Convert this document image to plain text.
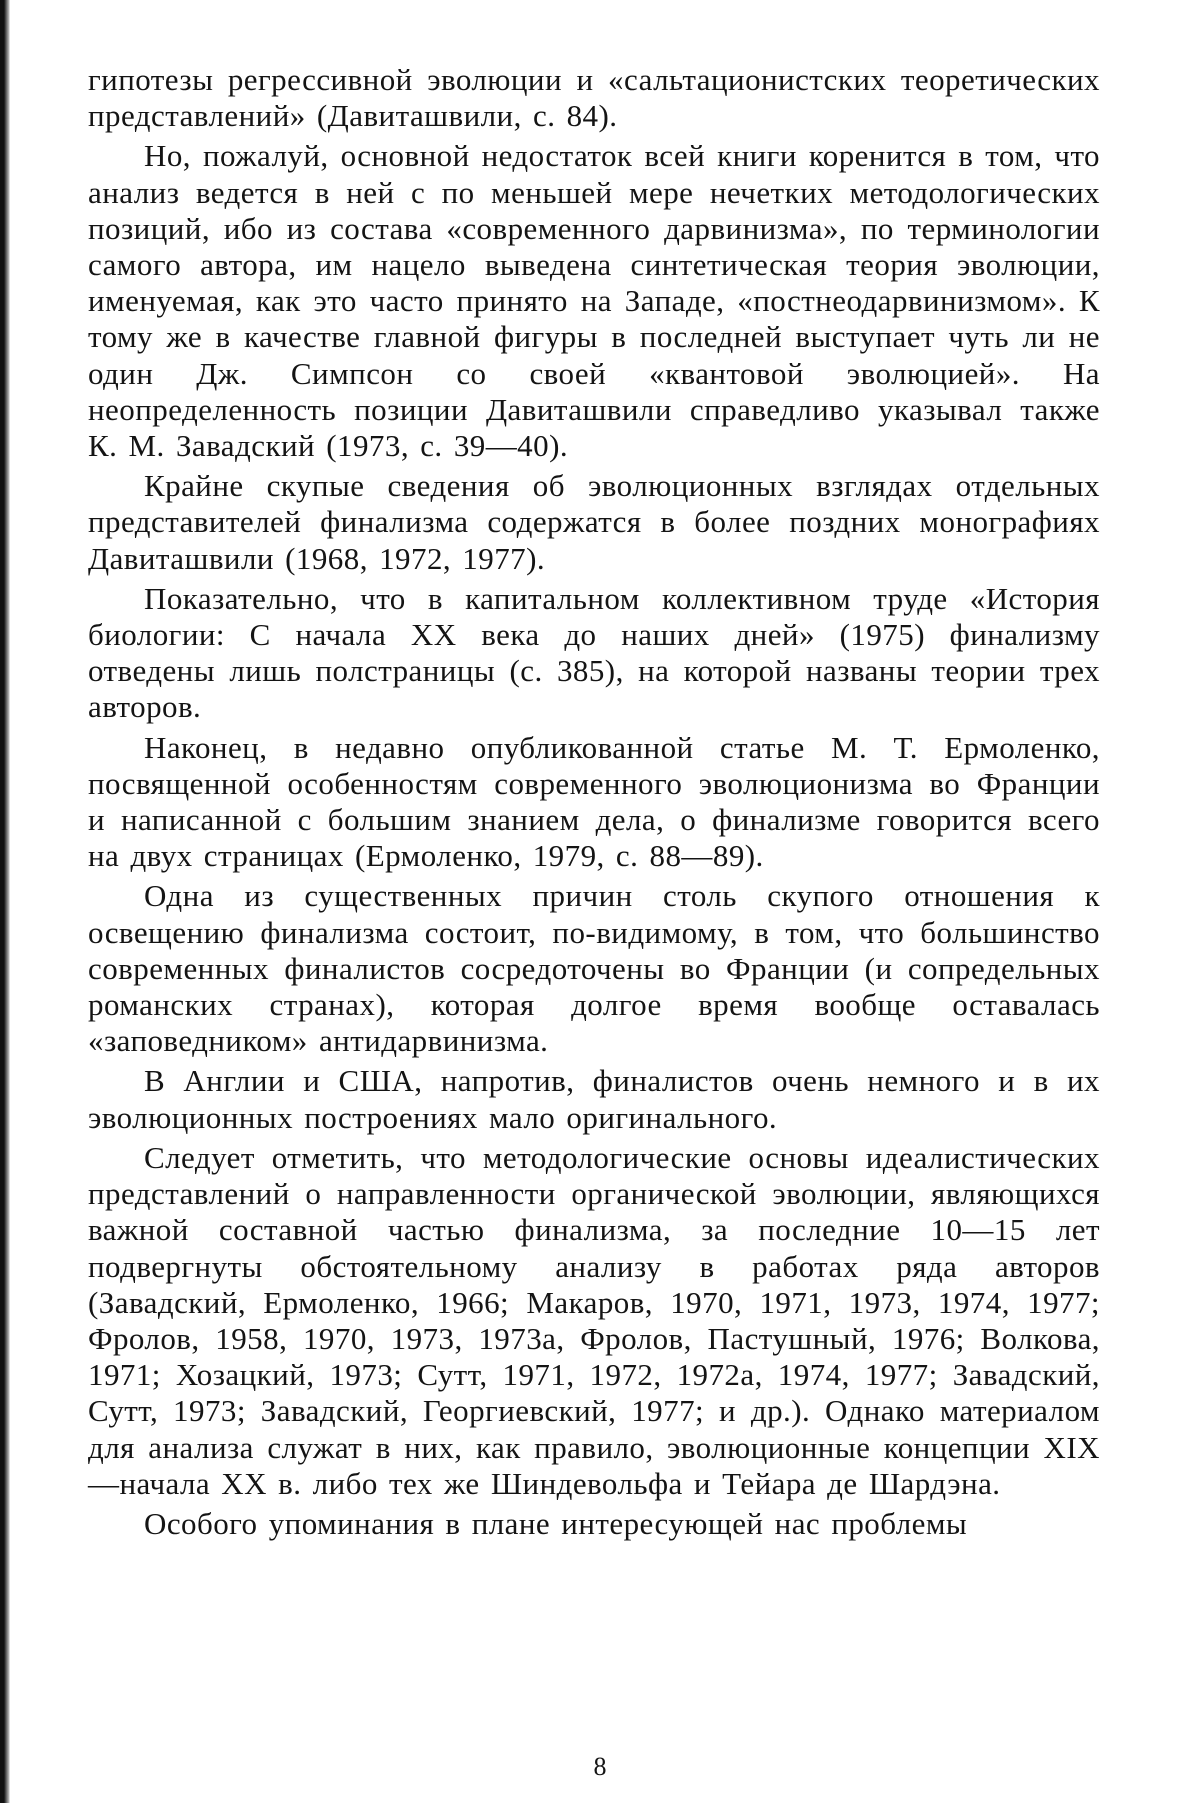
гипотезы регрессивной эволюции и «сальтационистских теоретических представлений» (Давиташвили, с. 84).

Но, пожалуй, основной недостаток всей книги коренится в том, что анализ ведется в ней с по меньшей мере нечетких методологических позиций, ибо из состава «современного дарвинизма», по терминологии самого автора, им нацело выведена синтетическая теория эволюции, именуемая, как это часто принято на Западе, «постнеодарвинизмом». К тому же в качестве главной фигуры в последней выступает чуть ли не один Дж. Симпсон со своей «квантовой эволюцией». На неопределенность позиции Давиташвили справедливо указывал также К. М. Завадский (1973, с. 39—40).

Крайне скупые сведения об эволюционных взглядах отдельных представителей финализма содержатся в более поздних монографиях Давиташвили (1968, 1972, 1977).

Показательно, что в капитальном коллективном труде «История биологии: С начала XX века до наших дней» (1975) финализму отведены лишь полстраницы (с. 385), на которой названы теории трех авторов.

Наконец, в недавно опубликованной статье М. Т. Ермоленко, посвященной особенностям современного эволюционизма во Франции и написанной с большим знанием дела, о финализме говорится всего на двух страницах (Ермоленко, 1979, с. 88—89).

Одна из существенных причин столь скупого отношения к освещению финализма состоит, по-видимому, в том, что большинство современных финалистов сосредоточены во Франции (и сопредельных романских странах), которая долгое время вообще оставалась «заповедником» антидарвинизма.

В Англии и США, напротив, финалистов очень немного и в их эволюционных построениях мало оригинального.

Следует отметить, что методологические основы идеалистических представлений о направленности органической эволюции, являющихся важной составной частью финализма, за последние 10—15 лет подвергнуты обстоятельному анализу в работах ряда авторов (Завадский, Ермоленко, 1966; Макаров, 1970, 1971, 1973, 1974, 1977; Фролов, 1958, 1970, 1973, 1973а, Фролов, Пастушный, 1976; Волкова, 1971; Хозацкий, 1973; Сутт, 1971, 1972, 1972а, 1974, 1977; Завадский, Сутт, 1973; Завадский, Георгиевский, 1977; и др.). Однако материалом для анализа служат в них, как правило, эволюционные концепции XIX—начала XX в. либо тех же Шиндевольфа и Тейара де Шардэна.

Особого упоминания в плане интересующей нас проблемы

8
